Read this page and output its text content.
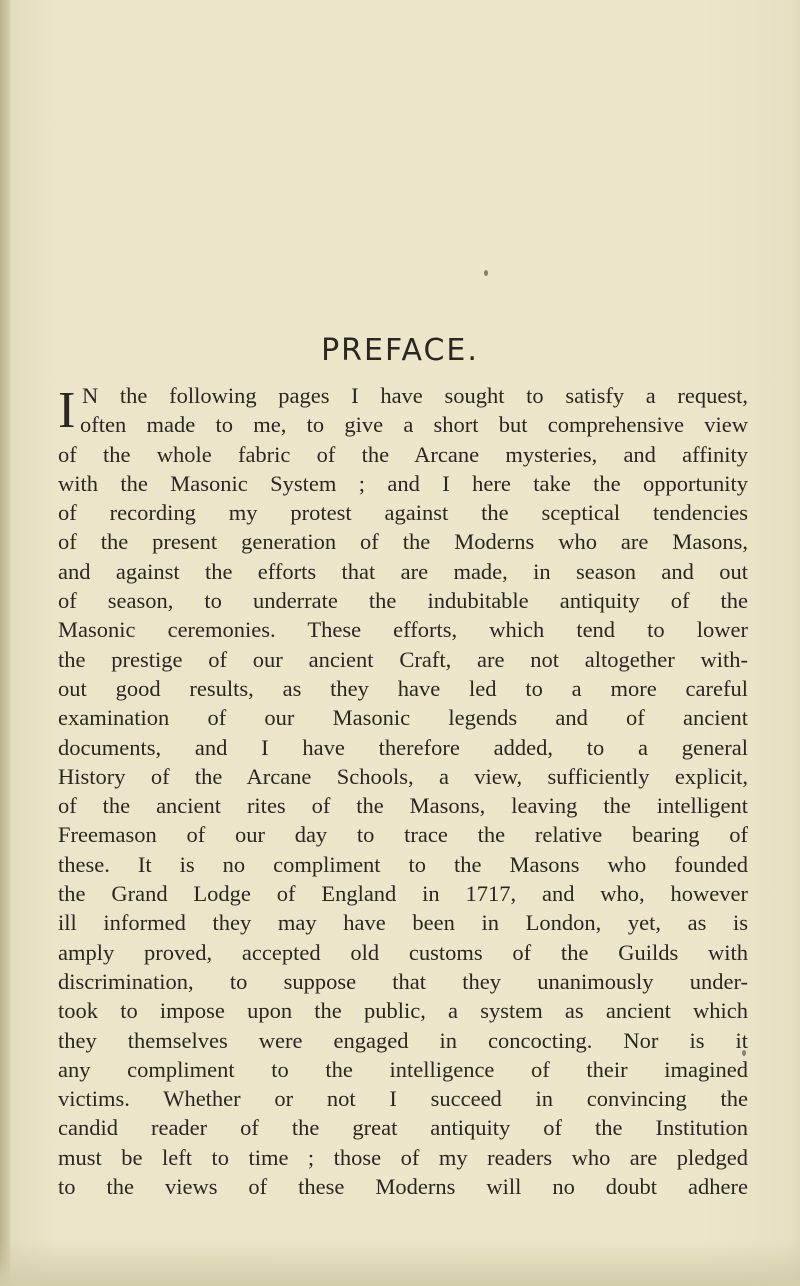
PREFACE.
I N the following pages I have sought to satisfy a request,
often made to me, to give a short but comprehensive view
of the whole fabric of the Arcane mysteries, and affinity
with the Masonic System ; and I here take the opportunity
of recording my protest against the sceptical tendencies
of the present generation of the Moderns who are Masons,
and against the efforts that are made, in season and out
of season, to underrate the indubitable antiquity of the
Masonic ceremonies. These efforts, which tend to lower
the prestige of our ancient Craft, are not altogether with-
out good results, as they have led to a more careful
examination of our Masonic legends and of ancient
documents, and I have therefore added, to a general
History of the Arcane Schools, a view, sufficiently explicit,
of the ancient rites of the Masons, leaving the intelligent
Freemason of our day to trace the relative bearing of
these. It is no compliment to the Masons who founded
the Grand Lodge of England in 1717, and who, however
ill informed they may have been in London, yet, as is
amply proved, accepted old customs of the Guilds with
discrimination, to suppose that they unanimously under-
took to impose upon the public, a system as ancient which
they themselves were engaged in concocting. Nor is it
any compliment to the intelligence of their imagined
victims. Whether or not I succeed in convincing the
candid reader of the great antiquity of the Institution
must be left to time ; those of my readers who are pledged
to the views of these Moderns will no doubt adhere
